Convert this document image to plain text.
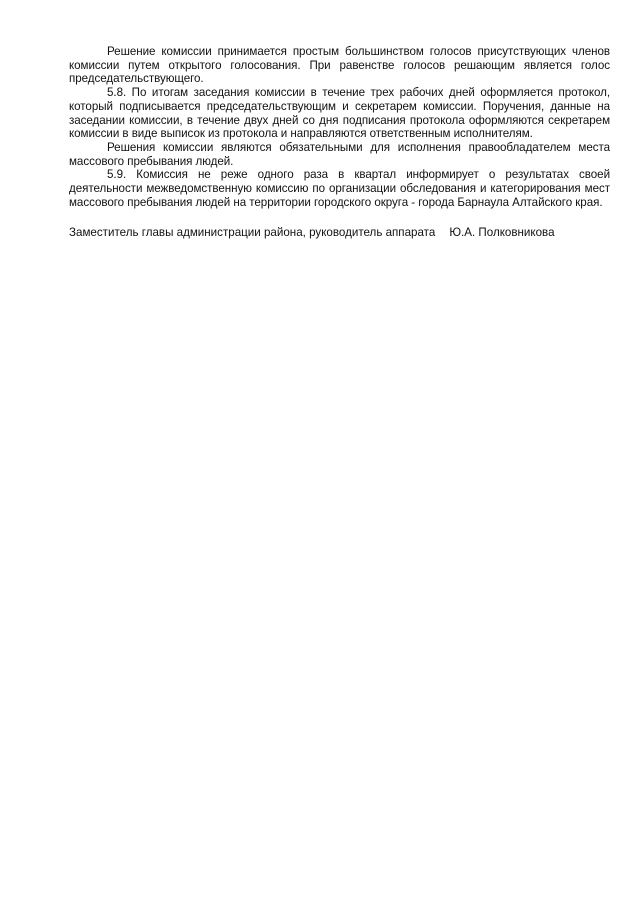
Решение комиссии принимается простым большинством голосов присутствующих членов комиссии путем открытого голосования. При равенстве голосов решающим является голос председательствующего.

5.8. По итогам заседания комиссии в течение трех рабочих дней оформляется протокол, который подписывается председательствующим и секретарем комиссии. Поручения, данные на заседании комиссии, в течение двух дней со дня подписания протокола оформляются секретарем комиссии в виде выписок из протокола и направляются ответственным исполнителям.

Решения комиссии являются обязательными для исполнения правообладателем места массового пребывания людей.

5.9. Комиссия не реже одного раза в квартал информирует о результатах своей деятельности межведомственную комиссию по организации обследования и категорирования мест массового пребывания людей на территории городского округа - города Барнаула Алтайского края.

Заместитель главы администрации района, руководитель аппарата Ю.А. Полковникова
